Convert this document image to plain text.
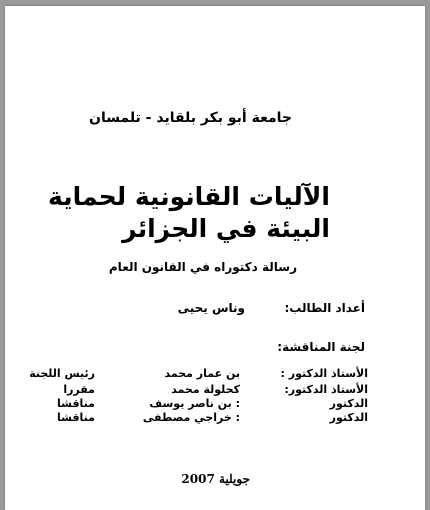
جامعة أبو بكر بلقايد - تلمسان
الآليات القانونية لحماية
البيئة في الجزائر
رسالة دكتوراه في القانون العام
أعداد الطالب:
وناس يحيى
لجنة المناقشة:
الأستاذ الدكتور :
بن عمار محمد
رئيس اللجنة
الأستاذ الدكتور:
كحلولة محمد
مقررا
الدكتور
: بن ناصر يوسف
مناقشا
الدكتور
: خراجي مصطفى
مناقشا
جويلية 2007
